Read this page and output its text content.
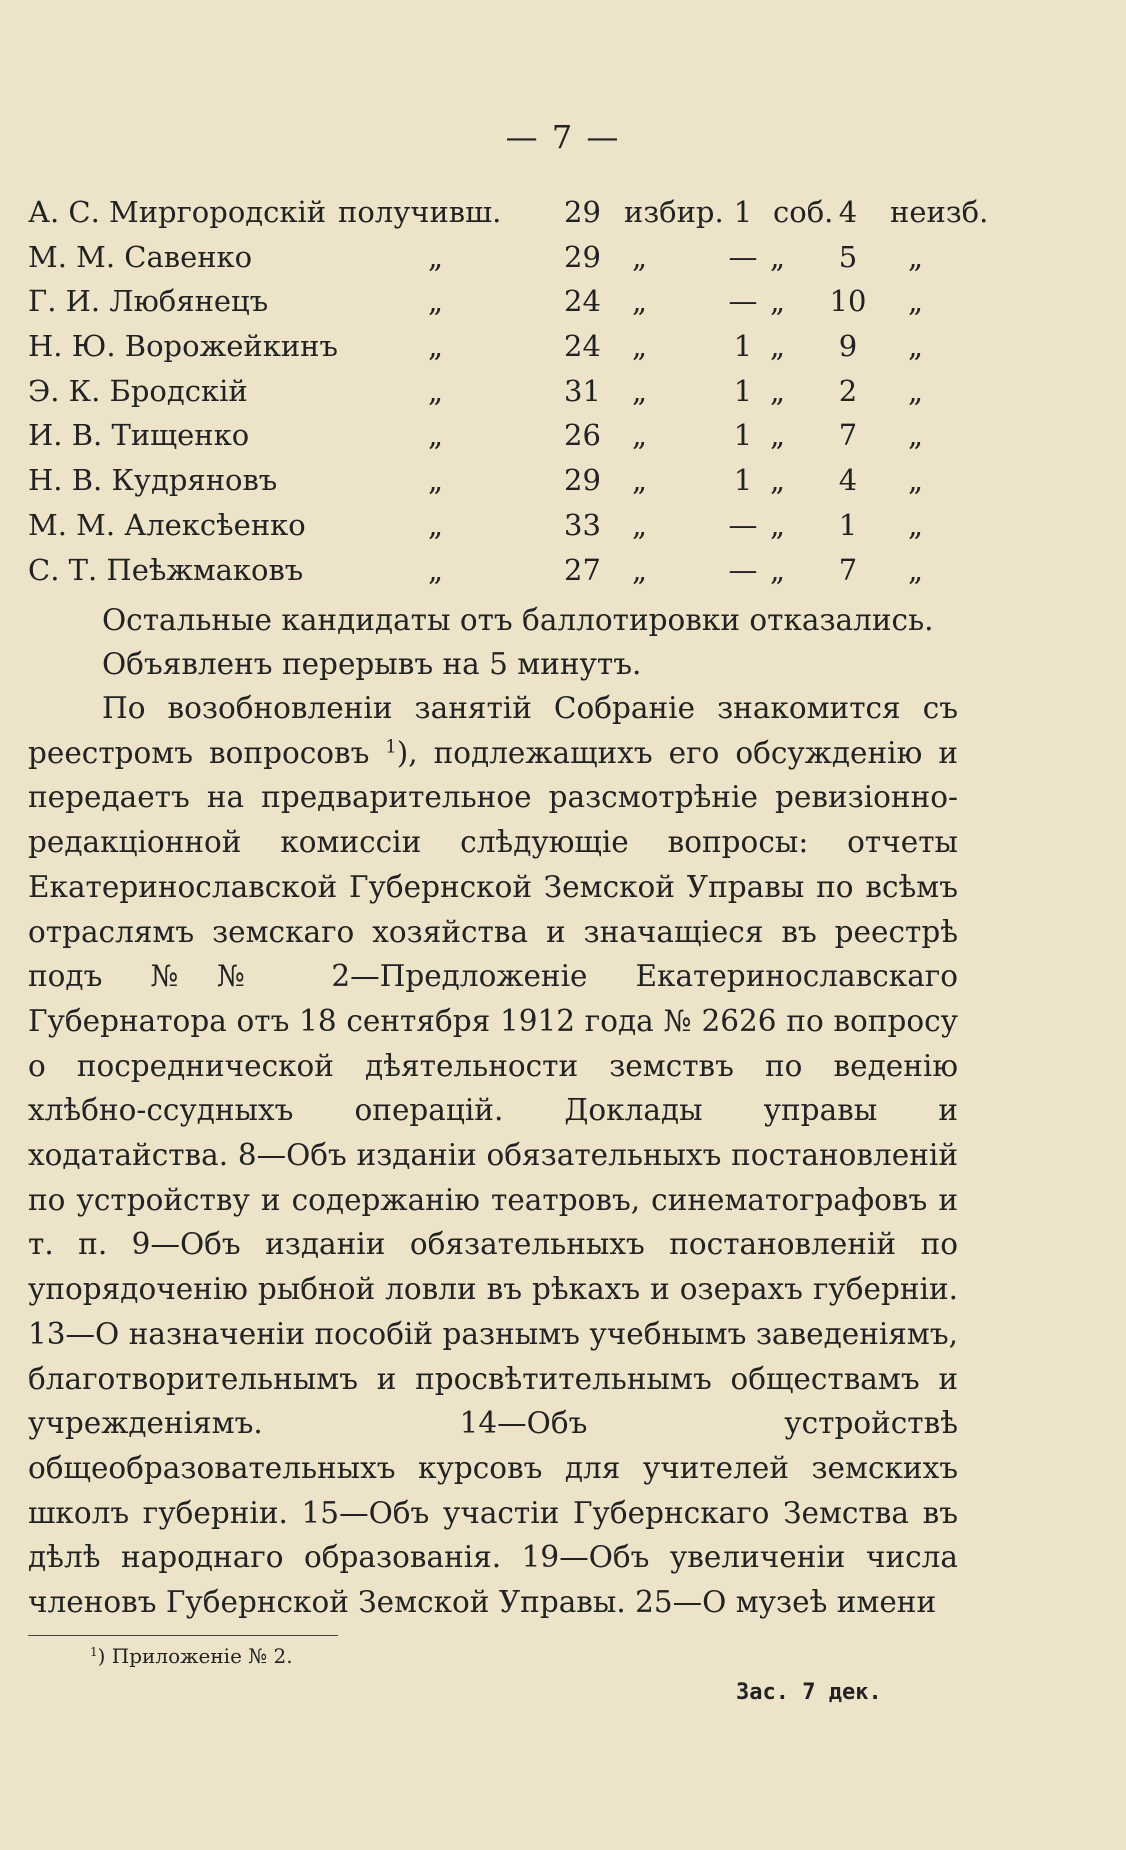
— 7 —
А. С. Миргородскій получивш. 29 избир. 1 соб. 4	неизб.
М. М. Савенко	„	29 „	— „	5	„
Г. И. Любянецъ	„	24 „	— „ 10 „
Н. Ю. Ворожейкинъ	„	24 „	1 „	9	„
Э. К. Бродскій	„	31 „	1 „	2	„
И. В. Тищенко	„	26 „	1 „	7	„
Н. В. Кудряновъ	„	29 „	1 „	4	„
М. М. Алексѣенко	„	33 „	— „	1	„
С. Т. Пеѣжмаковъ	„	27 „	— „	7	„
Остальные кандидаты отъ баллотировки отказались.
Объявленъ перерывъ на 5 минутъ.
По возобновленіи занятій Собраніе знакомится съ реестромъ вопросовъ $^1$), подлежащихъ его обсужденію и передаетъ на предварительное разсмотрѣніе ревизіонно-редакціонной комиссіи слѣдующіе вопросы: отчеты Екатеринославской Губернской Земской Управы по всѣмъ отраслямъ земскаго хозяйства и значащіеся въ реестрѣ подъ №№ 2—Предложеніе Екатеринославскаго Губернатора отъ 18 сентября 1912 года № 2626 по вопросу о посреднической дѣятельности земствъ по веденію хлѣбно-ссудныхъ операцій. Доклады управы и ходатайства. 8—Объ изданіи обязательныхъ постановленій по устройству и содержанію театровъ, синематографовъ и т. п. 9—Объ изданіи обязательныхъ постановленій по упорядоченію рыбной ловли въ рѣкахъ и озерахъ губерніи. 13—О назначеніи пособій разнымъ учебнымъ заведеніямъ, благотворительнымъ и просвѣтительнымъ обществамъ и учрежденіямъ. 14—Объ устройствѣ общеобразовательныхъ курсовъ для учителей земскихъ школъ губерніи. 15—Объ участіи Губернскаго Земства въ дѣлѣ народнаго образованія. 19—Объ увеличеніи числа членовъ Губернской Земской Управы. 25—О музеѣ имени
$^1$) Приложеніе № 2.
Зас. 7 дек.
